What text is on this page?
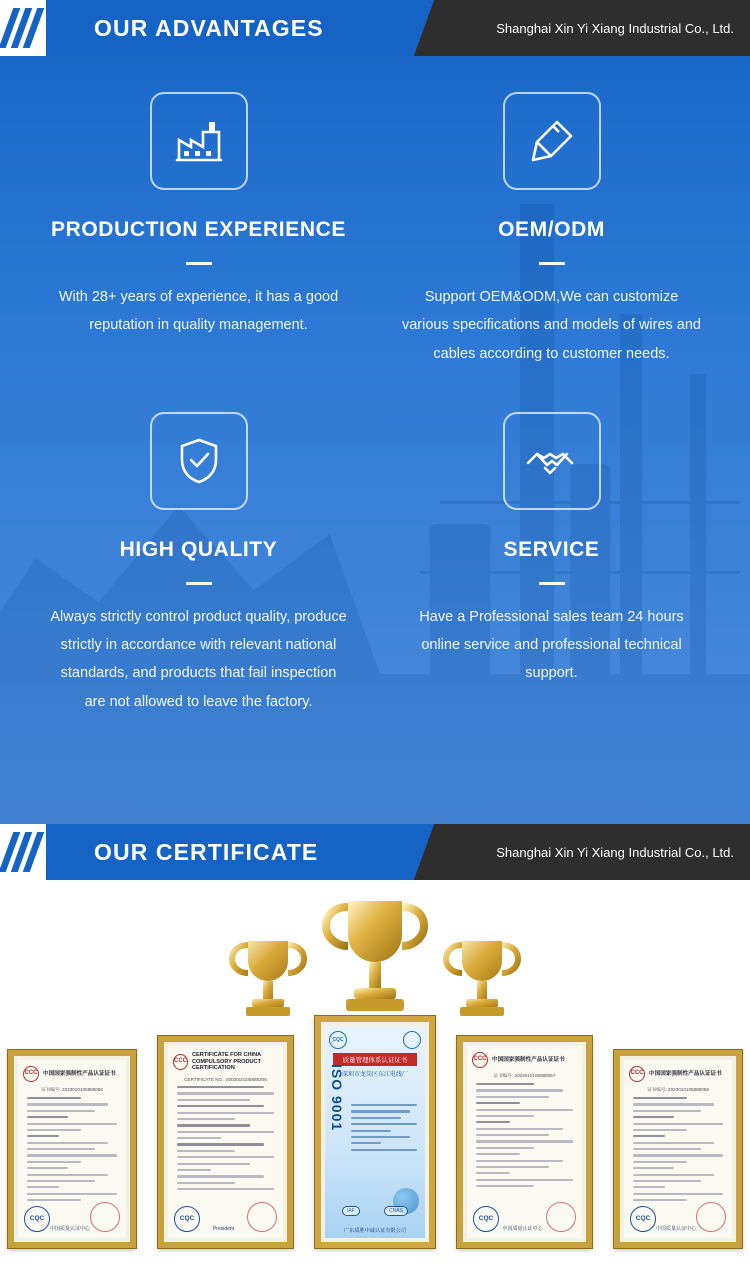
OUR ADVANTAGES	Shanghai Xin Yi Xiang Industrial Co., Ltd.
PRODUCTION EXPERIENCE
With 28+ years of experience, it has a good reputation in quality management.
OEM/ODM
Support OEM&ODM,We can customize various specifications and models of wires and cables according to customer needs.
HIGH QUALITY
Always strictly control product quality, produce strictly in accordance with relevant national standards, and products that fail inspection are not allowed to leave the factory.
SERVICE
Have a Professional sales team 24 hours online service and professional technical support.
OUR CERTIFICATE	Shanghai Xin Yi Xiang Industrial Co., Ltd.
CCC 中国国家强制性产品认证证书
证书编号: 2023010105888056
CQC
中国质量认证中心
CCC
CERTIFICATE FOR CHINA COMPULSORY PRODUCT CERTIFICATION
CERTIFICATE NO.: 2003010105888206
CQC
President
CQC
质量管理体系认证证书
深圳市龙岗区东江电线厂
ISO 9001
IAF	CNAS
广东质胜中诚认证有限公司
CCC 中国国家强制性产品认证证书
证书编号: 2023010105888057
CQC
中国质量认证中心
CCC 中国国家强制性产品认证证书
证书编号: 2023010105888058
CQC
中国质量认证中心
